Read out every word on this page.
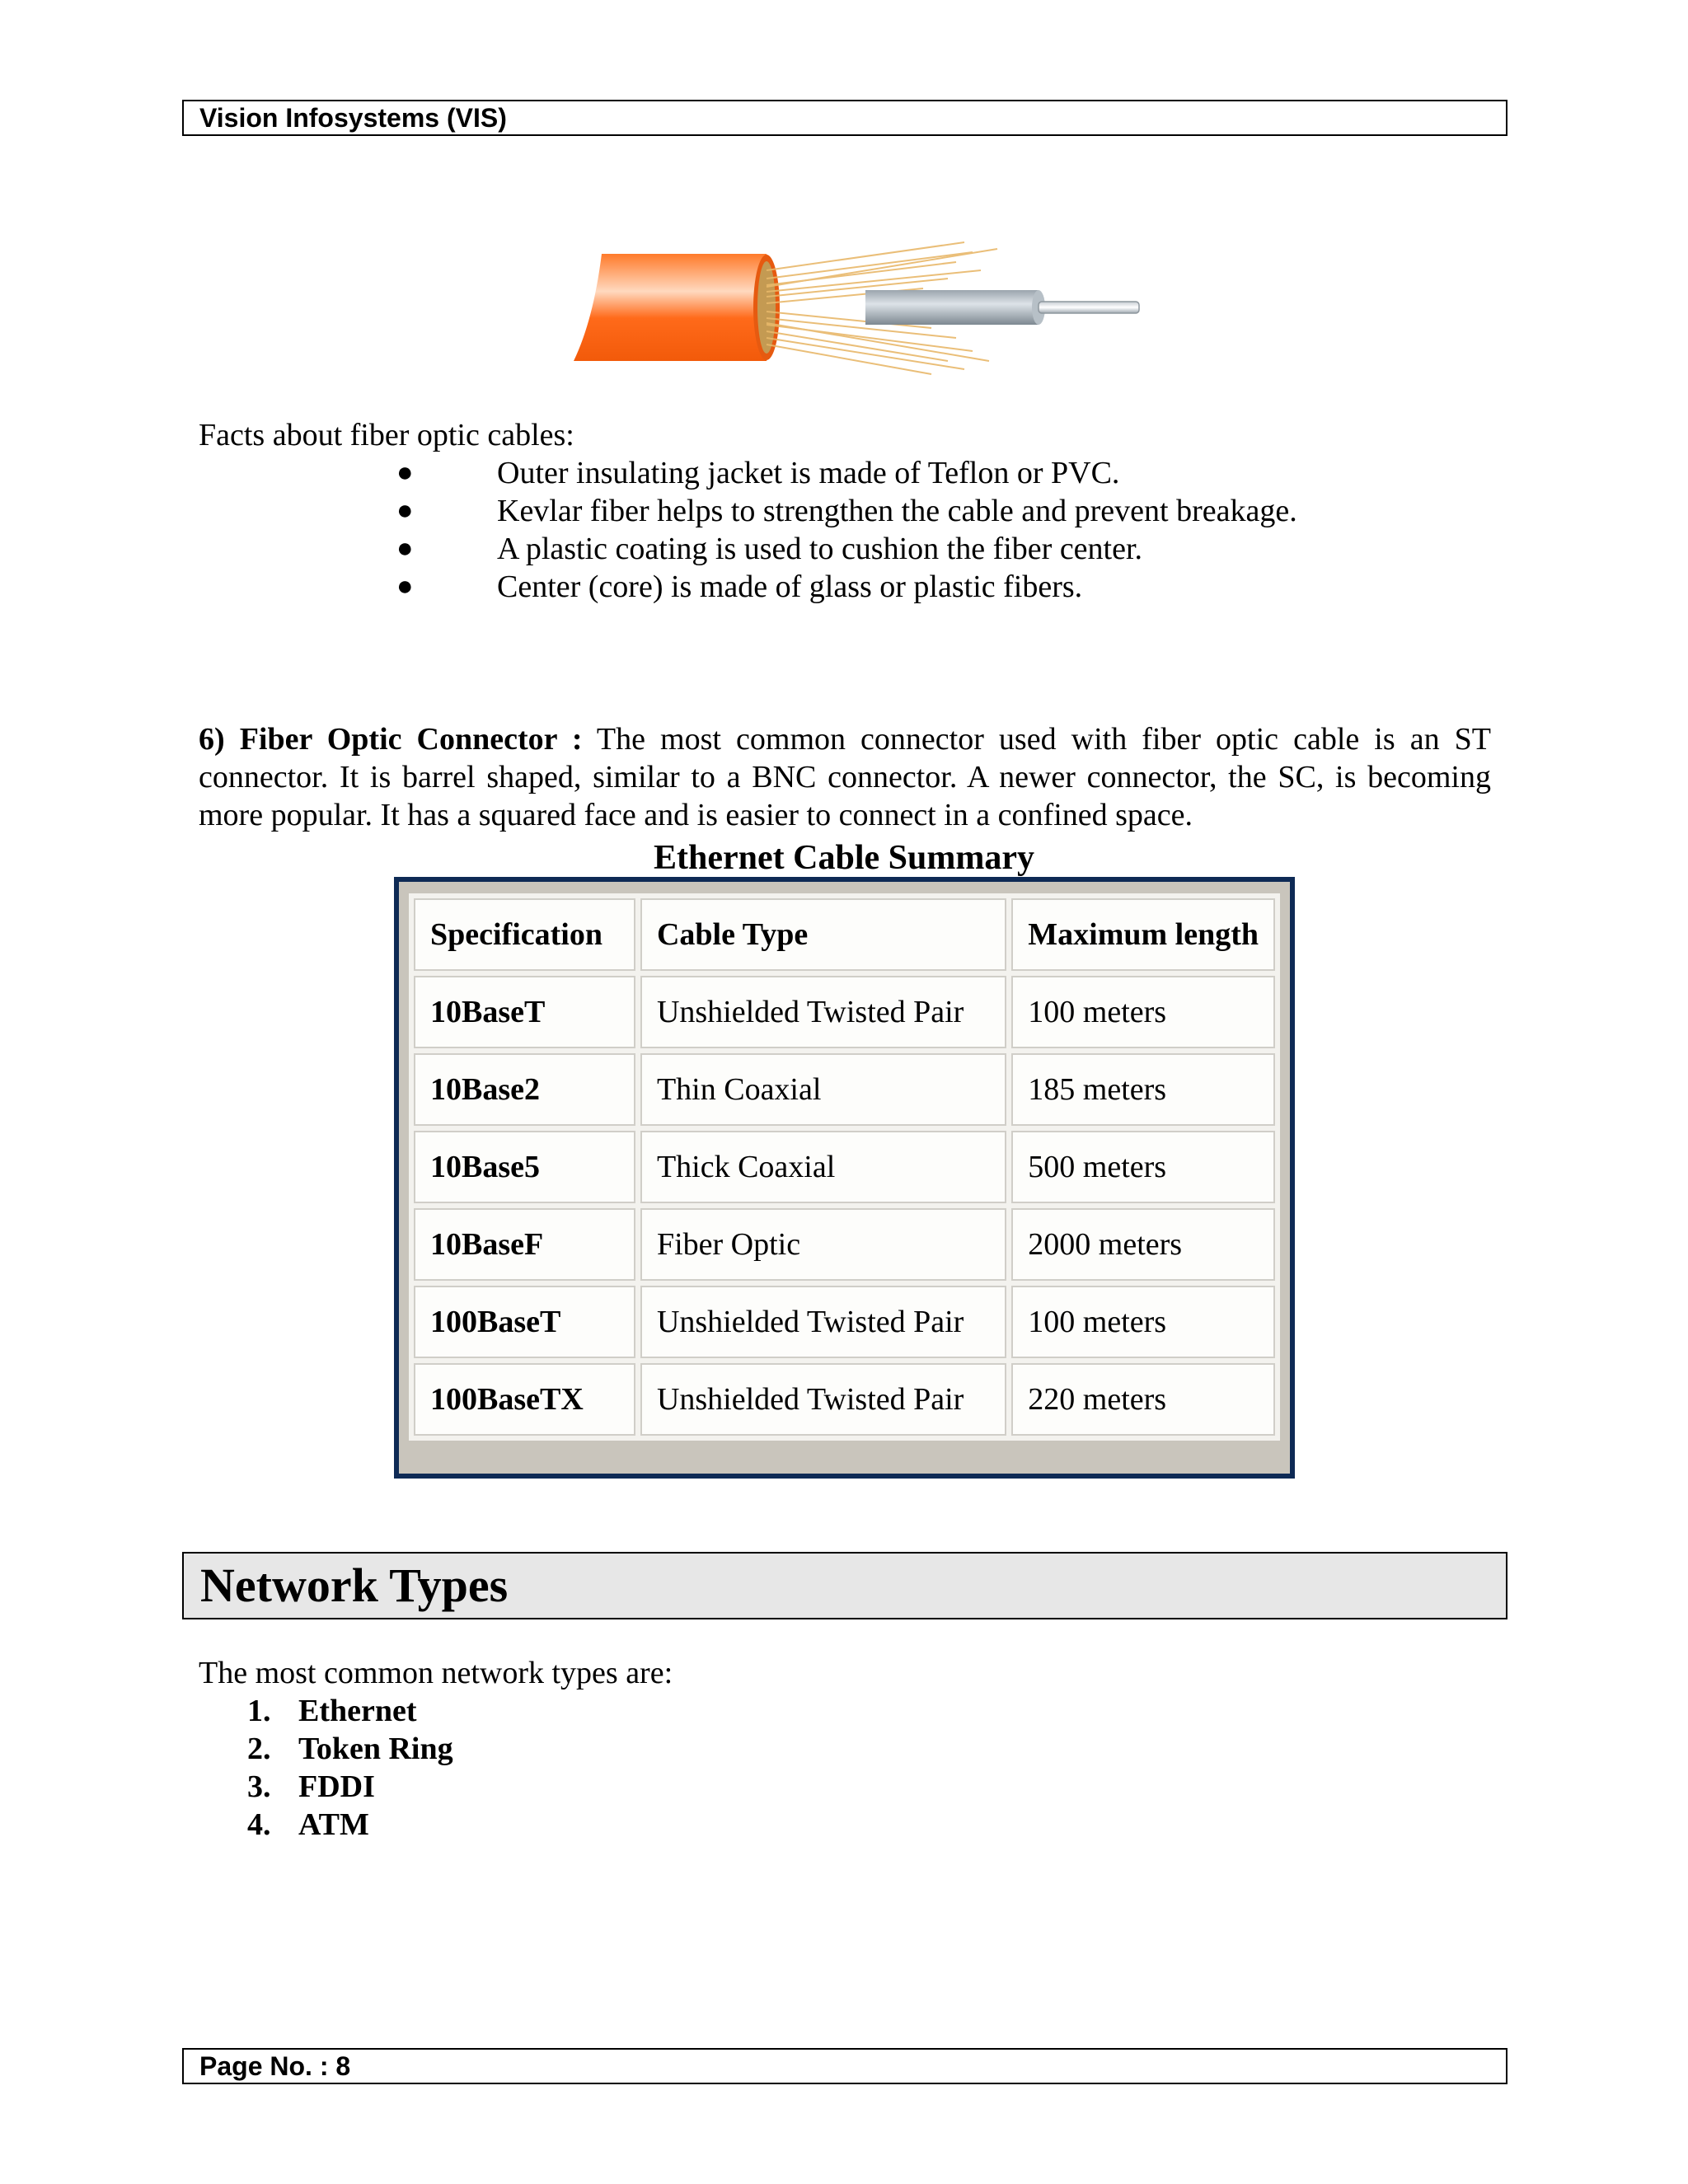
Vision Infosystems (VIS)
Facts about fiber optic cables:
●	Outer insulating jacket is made of Teflon or PVC.
●	Kevlar fiber helps to strengthen the cable and prevent breakage.
●	A plastic coating is used to cushion the fiber center.
●	Center (core) is made of glass or plastic fibers.

6) Fiber Optic Connector : The most common connector used with fiber optic cable is an ST connector. It is barrel shaped, similar to a BNC connector. A newer connector, the SC, is becoming more popular. It has a squared face and is easier to connect in a confined space.

Ethernet Cable Summary
Specification	Cable Type	Maximum length
10BaseT	Unshielded Twisted Pair	100 meters
10Base2	Thin Coaxial	185 meters
10Base5	Thick Coaxial	500 meters
10BaseF	Fiber Optic	2000 meters
100BaseT	Unshielded Twisted Pair	100 meters
100BaseTX	Unshielded Twisted Pair	220 meters
Network Types
The most common network types are:
1. Ethernet
2. Token Ring
3. FDDI
4. ATM
Page No. : 8
